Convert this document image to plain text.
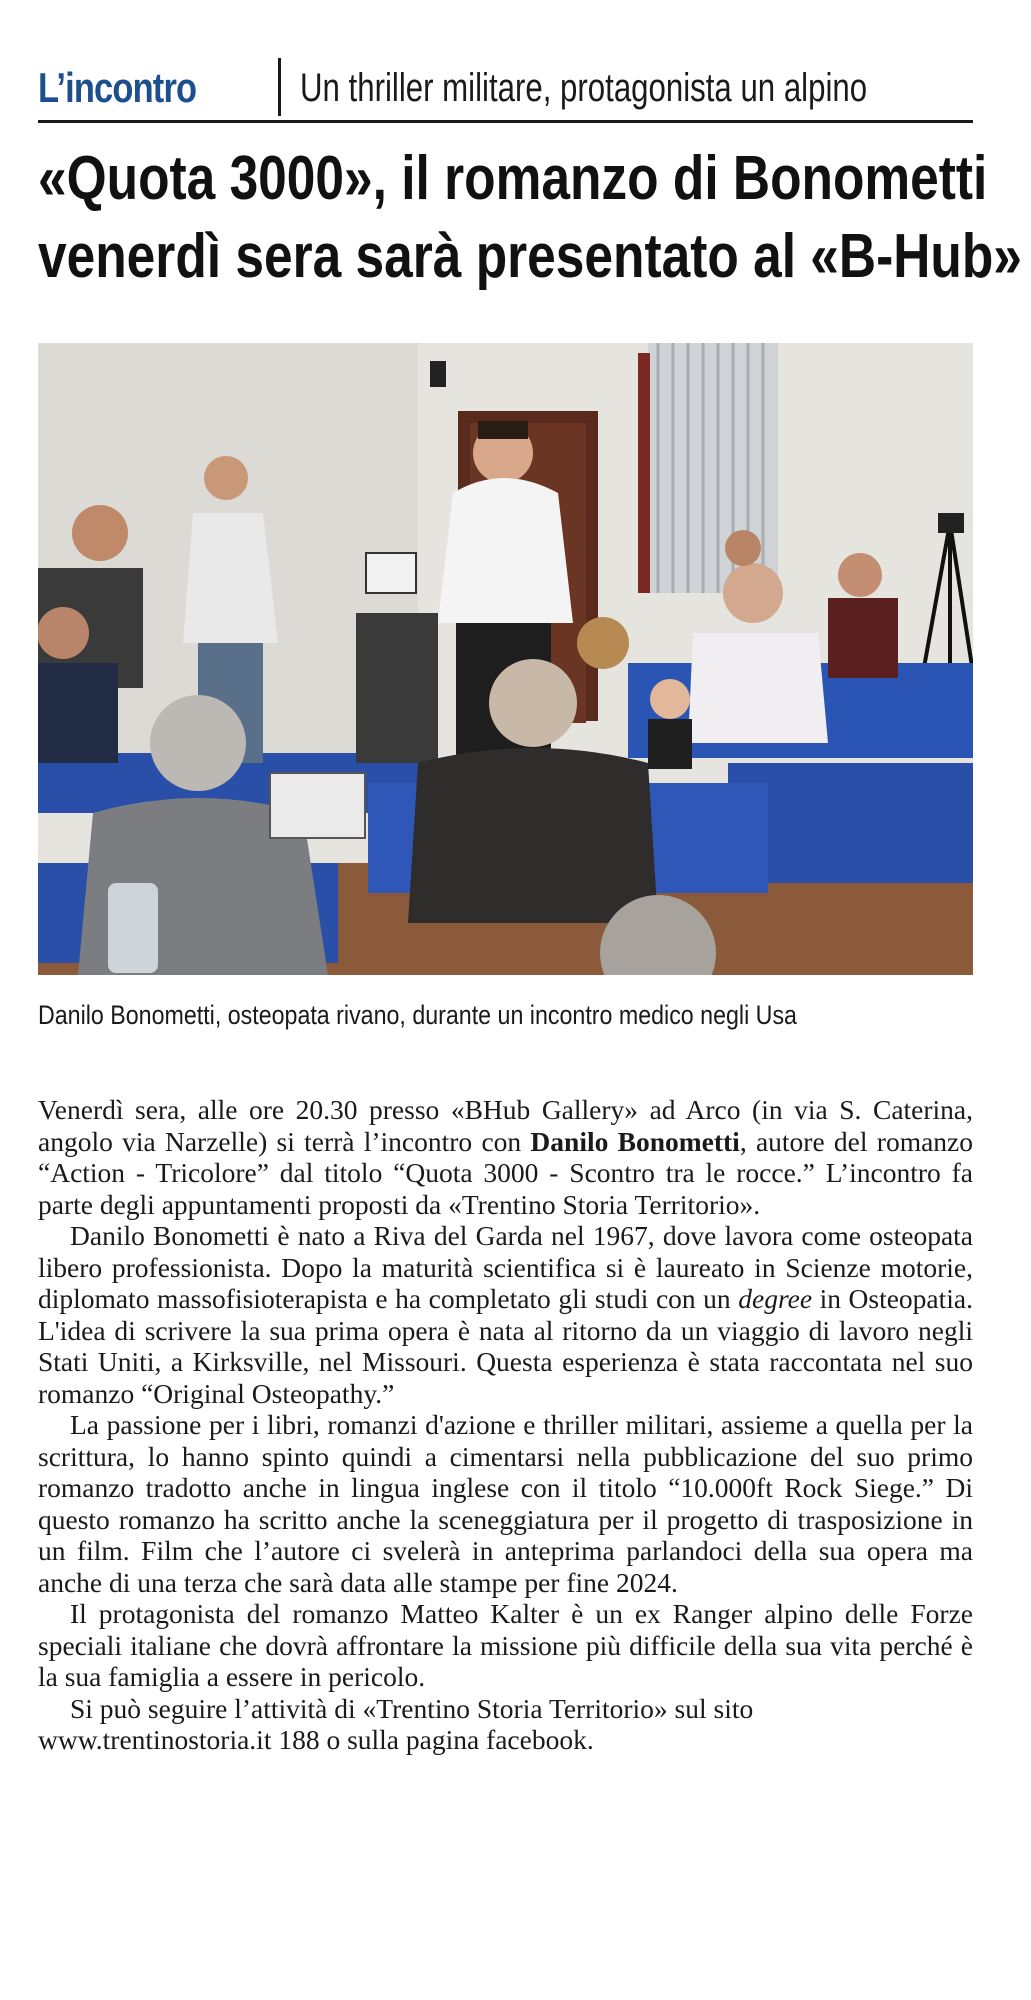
L’incontro	Un thriller militare, protagonista un alpino
«Quota 3000», il romanzo di Bonometti
venerdì sera sarà presentato al «B-Hub»
Danilo Bonometti, osteopata rivano, durante un incontro medico negli Usa

Venerdì sera, alle ore 20.30 presso «BHub Gallery» ad Arco (in via S. Caterina, angolo via Narzelle) si terrà l’incontro con Danilo Bonometti, autore del romanzo “Action - Tricolore” dal titolo “Quota 3000 - Scontro tra le rocce.” L’incontro fa parte degli appuntamenti proposti da «Trentino Storia Territorio».

Danilo Bonometti è nato a Riva del Garda nel 1967, dove lavora come osteopata libero professionista. Dopo la maturità scientifica si è laureato in Scienze motorie, diplomato massofisioterapista e ha completato gli studi con un degree in Osteopatia. L'idea di scrivere la sua prima opera è nata al ritorno da un viaggio di lavoro negli Stati Uniti, a Kirksville, nel Missouri. Questa esperienza è stata raccontata nel suo romanzo “Original Osteopathy.”

La passione per i libri, romanzi d'azione e thriller militari, assieme a quella per la scrittura, lo hanno spinto quindi a cimentarsi nella pubblicazione del suo primo romanzo tradotto anche in lingua inglese con il titolo “10.000ft Rock Siege.” Di questo romanzo ha scritto anche la sceneggiatura per il progetto di trasposizione in un film. Film che l’autore ci svelerà in anteprima parlandoci della sua opera ma anche di una terza che sarà data alle stampe per fine 2024.

Il protagonista del romanzo Matteo Kalter è un ex Ranger alpino delle Forze speciali italiane che dovrà affrontare la missione più difficile della sua vita perché è la sua famiglia a essere in pericolo.

Si può seguire l’attività di «Trentino Storia Territorio» sul sito
www.trentinostoria.it 188 o sulla pagina facebook.
